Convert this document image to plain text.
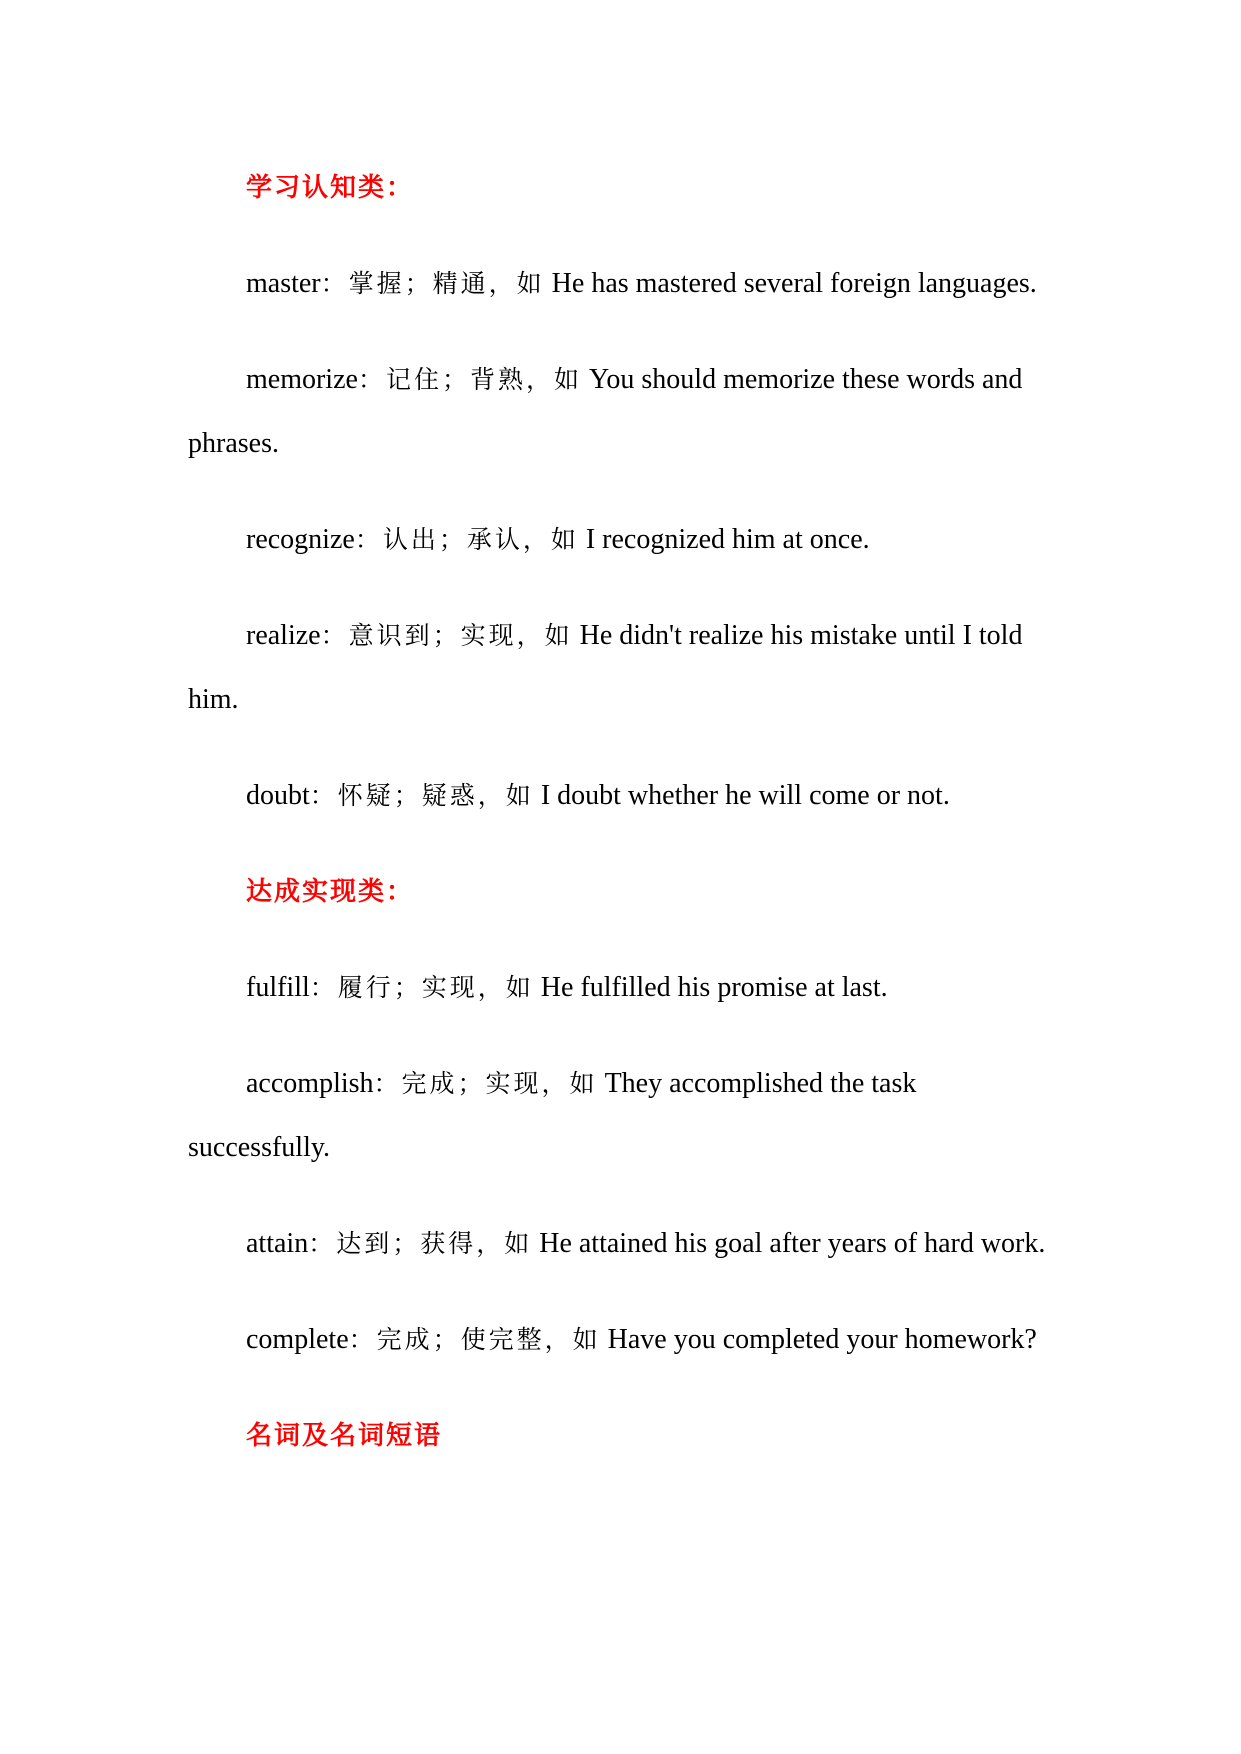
学习认知类：

master：掌握；精通，如 He has mastered several foreign languages.

memorize：记住；背熟，如 You should memorize these words and phrases.

recognize：认出；承认，如 I recognized him at once.

realize：意识到；实现，如 He didn't realize his mistake until I told him.

doubt：怀疑；疑惑，如 I doubt whether he will come or not.

达成实现类：

fulfill：履行；实现，如 He fulfilled his promise at last.

accomplish：完成；实现，如 They accomplished the task successfully.

attain：达到；获得，如 He attained his goal after years of hard work.

complete：完成；使完整，如 Have you completed your homework?

名词及名词短语
